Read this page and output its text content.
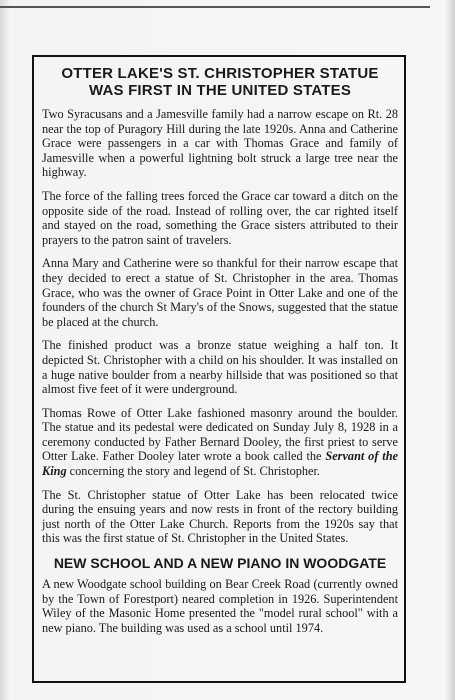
OTTER LAKE'S ST. CHRISTOPHER STATUE
WAS FIRST IN THE UNITED STATES

Two Syracusans and a Jamesville family had a narrow escape on Rt. 28 near the top of Puragory Hill during the late 1920s. Anna and Catherine Grace were passengers in a car with Thomas Grace and family of Jamesville when a powerful lightning bolt struck a large tree near the highway.

The force of the falling trees forced the Grace car toward a ditch on the opposite side of the road. Instead of rolling over, the car righted itself and stayed on the road, something the Grace sisters attributed to their prayers to the patron saint of travelers.

Anna Mary and Catherine were so thankful for their narrow escape that they decided to erect a statue of St. Christopher in the area. Thomas Grace, who was the owner of Grace Point in Otter Lake and one of the founders of the church St Mary's of the Snows, suggested that the statue be placed at the church.

The finished product was a bronze statue weighing a half ton. It depicted St. Christopher with a child on his shoulder. It was installed on a huge native boulder from a nearby hillside that was positioned so that almost five feet of it were underground.

Thomas Rowe of Otter Lake fashioned masonry around the boulder. The statue and its pedestal were dedicated on Sunday July 8, 1928 in a ceremony conducted by Father Bernard Dooley, the first priest to serve Otter Lake. Father Dooley later wrote a book called the Servant of the King concerning the story and legend of St. Christopher.

The St. Christopher statue of Otter Lake has been relocated twice during the ensuing years and now rests in front of the rectory building just north of the Otter Lake Church. Reports from the 1920s say that this was the first statue of St. Christopher in the United States.

NEW SCHOOL AND A NEW PIANO IN WOODGATE

A new Woodgate school building on Bear Creek Road (currently owned by the Town of Forestport) neared completion in 1926. Superintendent Wiley of the Masonic Home presented the "model rural school" with a new piano. The building was used as a school until 1974.
